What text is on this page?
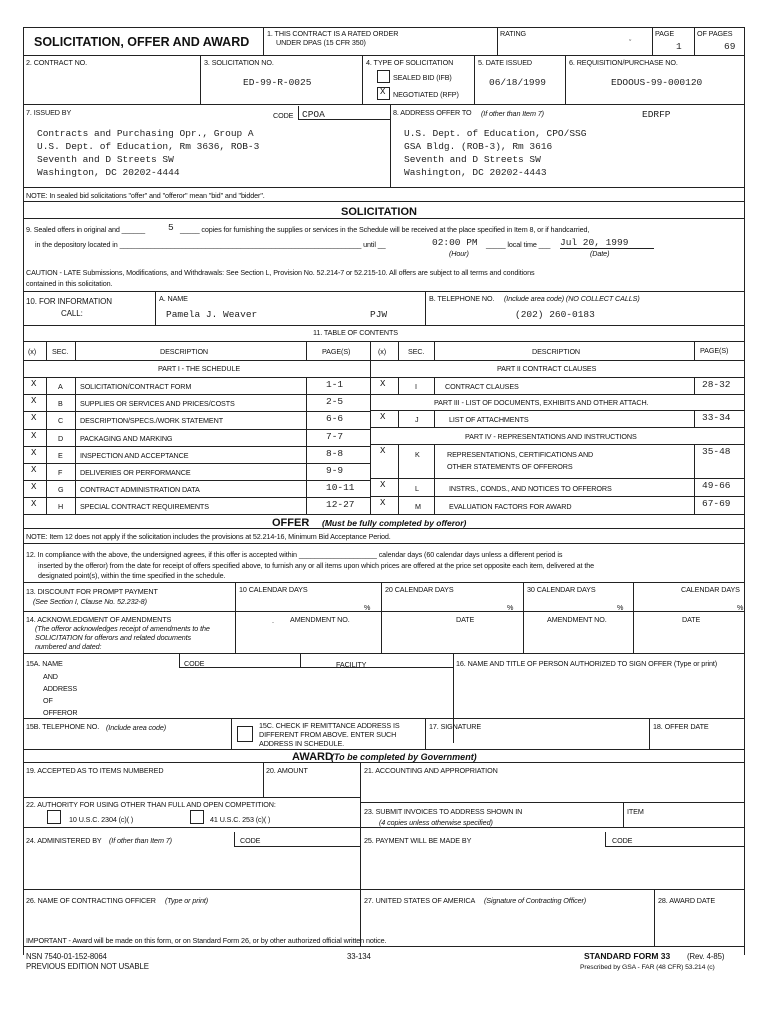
SOLICITATION, OFFER AND AWARD
1. THIS CONTRACT IS A RATED ORDER
UNDER DPAS (15 CFR 350)
RATING
ˇ
PAGE
1
OF PAGES
69
2. CONTRACT NO.	3. SOLICITATION NO.
ED-99-R-0025
4. TYPE OF SOLICITATION
SEALED BID (IFB)
X NEGOTIATED (RFP)
5. DATE ISSUED
06/18/1999
6. REQUISITION/PURCHASE NO.
EDOOUS-99-000120
7. ISSUED BY	CODE CPOA
Contracts and Purchasing Opr., Group A
U.S. Dept. of Education, Rm 3636, ROB-3
Seventh and D Streets SW
Washington, DC 20202-4444
8. ADDRESS OFFER TO (If other than Item 7)	EDRFP
U.S. Dept. of Education, CPO/SSG
GSA Bldg. (ROB-3), Rm 3616
Seventh and D Streets SW
Washington, DC 20202-4443
NOTE: In sealed bid solicitations "offer" and "offeror" mean "bid" and "bidder".
SOLICITATION
9. Sealed offers in original and ______ 5 _____ copies for furnishing the supplies or services in the Schedule will be received at the place specified in Item 8, or if handcarried,
in the depository located in ______________________________________________________________ until __	02:00 PM _____ local time ___ Jul 20, 1999
(Hour)	(Date)
CAUTION - LATE Submissions, Modifications, and Withdrawals: See Section L, Provision No. 52.214-7 or 52.215-10. All offers are subject to all terms and conditions
contained in this solicitation.
10. FOR INFORMATION
CALL:
A. NAME
Pamela J. Weaver	PJW
B. TELEPHONE NO. (Include area code) (NO COLLECT CALLS)
(202) 260-0183
11. TABLE OF CONTENTS
(x) SEC.	DESCRIPTION	PAGE(S)	(x)	SEC.	DESCRIPTION	PAGE(S)
PART I - THE SCHEDULE	PART II CONTRACT CLAUSES
X	A SOLICITATION/CONTRACT FORM	1-1
X	B SUPPLIES OR SERVICES AND PRICES/COSTS	2-5
X	C DESCRIPTION/SPECS./WORK STATEMENT	6-6
X	D PACKAGING AND MARKING	7-7
X	E INSPECTION AND ACCEPTANCE	8-8
X	F DELIVERIES OR PERFORMANCE	9-9
X	G CONTRACT ADMINISTRATION DATA	10-11
X	H SPECIAL CONTRACT REQUIREMENTS	12-27
X	I	CONTRACT CLAUSES	28-32
PART III - LIST OF DOCUMENTS, EXHIBITS AND OTHER ATTACH.
X	J	LIST OF ATTACHMENTS	33-34
PART IV - REPRESENTATIONS AND INSTRUCTIONS
X	K	REPRESENTATIONS, CERTIFICATIONS AND
OTHER STATEMENTS OF OFFERORS
35-48
X	L	INSTRS., CONDS., AND NOTICES TO OFFERORS	49-66
X	M	EVALUATION FACTORS FOR AWARD	67-69
OFFER (Must be fully completed by offeror)
NOTE: Item 12 does not apply if the solicitation includes the provisions at 52.214-16, Minimum Bid Acceptance Period.
12. In compliance with the above, the undersigned agrees, if this offer is accepted within ____________________ calendar days (60 calendar days unless a different period is
inserted by the offeror) from the date for receipt of offers specified above, to furnish any or all items upon which prices are offered at the price set opposite each item, delivered at the
designated point(s), within the time specified in the schedule.
13. DISCOUNT FOR PROMPT PAYMENT
(See Section I, Clause No. 52.232-8)
10 CALENDAR DAYS
%
20 CALENDAR DAYS
%
30 CALENDAR DAYS
%
CALENDAR DAYS
%
14. ACKNOWLEDGMENT OF AMENDMENTS
(The offeror acknowledges receipt of amendments to the
SOLICITATION for offerors and related documents
numbered and dated:
AMENDMENT NO.	DATE	AMENDMENT NO.	DATE
.
15A. NAME
AND
ADDRESS
OF
OFFEROR
CODE	FACILITY	16. NAME AND TITLE OF PERSON AUTHORIZED TO SIGN OFFER (Type or print)
15B. TELEPHONE NO. (Include area code)	15C. CHECK IF REMITTANCE ADDRESS IS
DIFFERENT FROM ABOVE. ENTER SUCH
ADDRESS IN SCHEDULE.
17. SIGNATURE	18. OFFER DATE
AWARD
(To be completed by Government)
19. ACCEPTED AS TO ITEMS NUMBERED	20. AMOUNT	21. ACCOUNTING AND APPROPRIATION
22. AUTHORITY FOR USING OTHER THAN FULL AND OPEN COMPETITION:
10 U.S.C. 2304 (c)( )	41 U.S.C. 253 (c)( )
23. SUBMIT INVOICES TO ADDRESS SHOWN IN
(4 copies unless otherwise specified)
ITEM
24. ADMINISTERED BY (If other than Item 7)	CODE	25. PAYMENT WILL BE MADE BY	CODE
26. NAME OF CONTRACTING OFFICER (Type or print)	27. UNITED STATES OF AMERICA (Signature of Contracting Officer)	28. AWARD DATE
IMPORTANT - Award will be made on this form, or on Standard Form 26, or by other authorized official written notice.
NSN 7540-01-152-8064
PREVIOUS EDITION NOT USABLE
33-134	STANDARD FORM 33 (Rev. 4-85)
Prescribed by GSA - FAR (48 CFR) 53.214 (c)
